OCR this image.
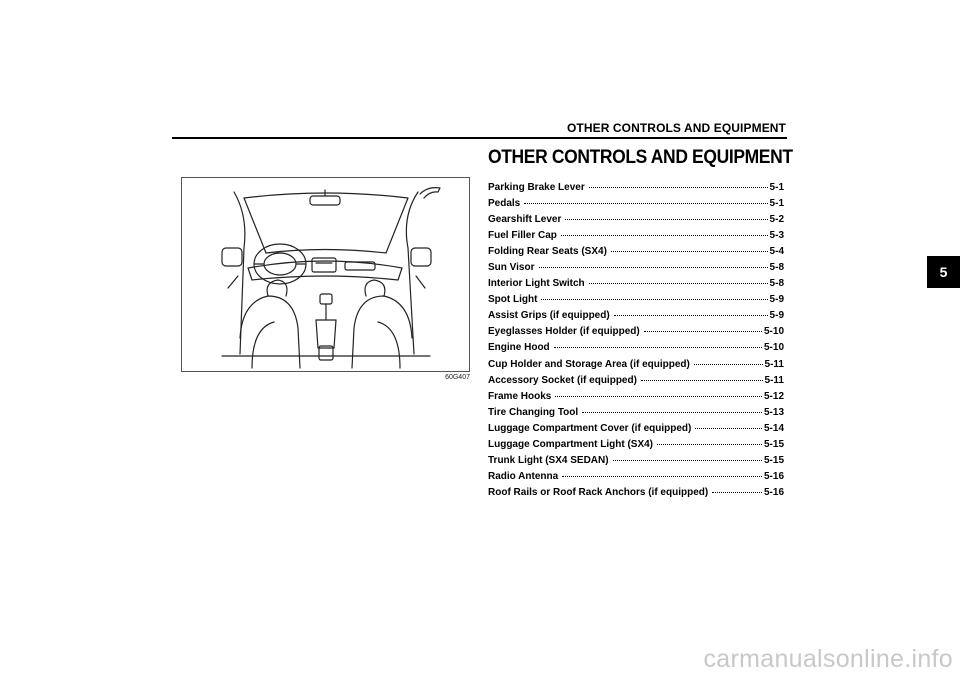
OTHER CONTROLS AND EQUIPMENT
5
60G407
OTHER CONTROLS AND EQUIPMENT
Parking Brake Lever	5-1
Pedals	5-1
Gearshift Lever	5-2
Fuel Filler Cap	5-3
Folding Rear Seats (SX4)	5-4
Sun Visor	5-8
Interior Light Switch	5-8
Spot Light	5-9
Assist Grips (if equipped)	5-9
Eyeglasses Holder (if equipped)	5-10
Engine Hood	5-10
Cup Holder and Storage Area (if equipped)	5-11
Accessory Socket (if equipped)	5-11
Frame Hooks	5-12
Tire Changing Tool	5-13
Luggage Compartment Cover (if equipped)	5-14
Luggage Compartment Light (SX4)	5-15
Trunk Light (SX4 SEDAN)	5-15
Radio Antenna	5-16
Roof Rails or Roof Rack Anchors (if equipped)	5-16
carmanualsonline.info
